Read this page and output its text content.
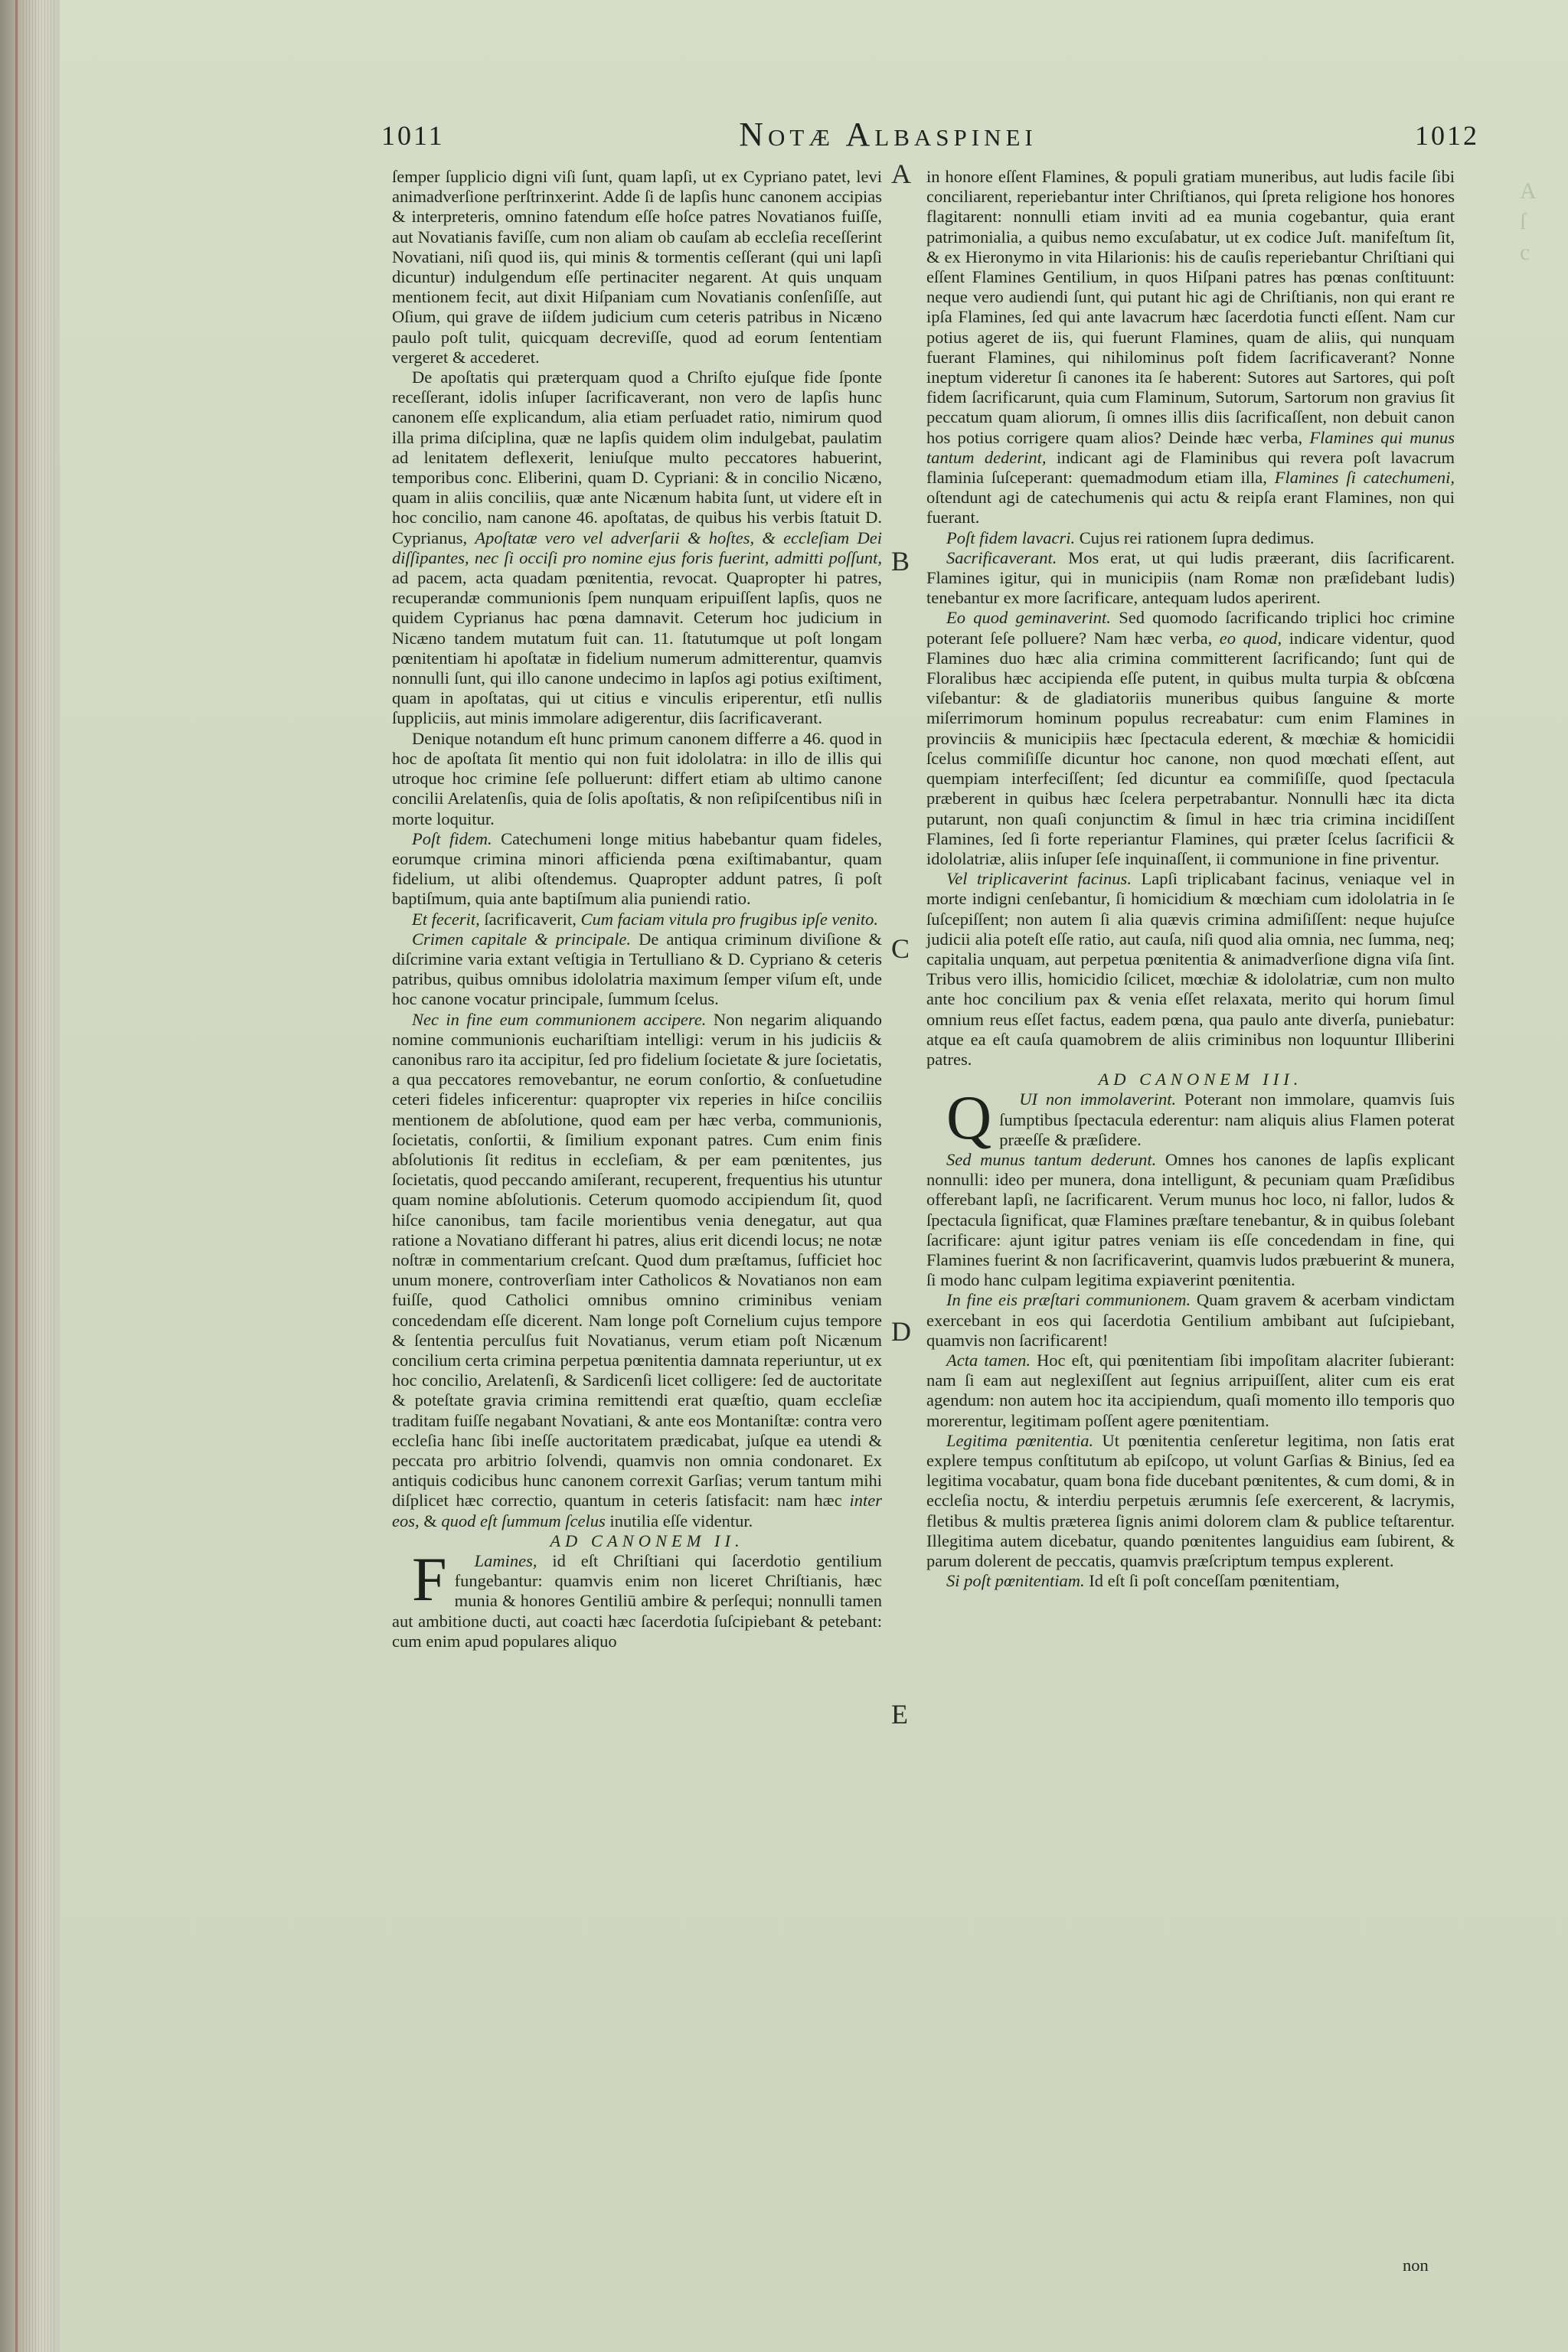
1011	Notæ Albaspinei	1012
A
ſ
c
A
B
C
D
E

ſemper ſupplicio digni viſi ſunt, quam lapſi, ut ex Cypriano patet, levi animadverſione perſtrinxerint. Adde ſi de lapſis hunc canonem accipias & interpreteris, omnino fatendum eſſe hoſce patres Novatianos fuiſſe, aut Novatianis faviſſe, cum non aliam ob cauſam ab eccleſia receſſerint Novatiani, niſi quod iis, qui minis & tormentis ceſſerant (qui uni lapſi dicuntur) indulgendum eſſe pertinaciter negarent. At quis unquam mentionem fecit, aut dixit Hiſpaniam cum Novatianis conſenſiſſe, aut Oſium, qui grave de iiſdem judicium cum ceteris patribus in Nicæno paulo poſt tulit, quicquam decreviſſe, quod ad eorum ſententiam vergeret & accederet.

De apoſtatis qui præterquam quod a Chriſto ejuſque fide ſponte receſſerant, idolis inſuper ſacrificaverant, non vero de lapſis hunc canonem eſſe explicandum, alia etiam perſuadet ratio, nimirum quod illa prima diſciplina, quæ ne lapſis quidem olim indulgebat, paulatim ad lenitatem deflexerit, leniuſque multo peccatores habuerint, temporibus conc. Eliberini, quam D. Cypriani: & in concilio Nicæno, quam in aliis conciliis, quæ ante Nicænum habita ſunt, ut videre eſt in hoc concilio, nam canone 46. apoſtatas, de quibus his verbis ſtatuit D. Cyprianus, Apoſtatæ vero vel adverſarii & hoſtes, & eccleſiam Dei diſſipantes, nec ſi occiſi pro nomine ejus foris fuerint, admitti poſſunt, ad pacem, acta quadam pœnitentia, revocat. Quapropter hi patres, recuperandæ communionis ſpem nunquam eripuiſſent lapſis, quos ne quidem Cyprianus hac pœna damnavit. Ceterum hoc judicium in Nicæno tandem mutatum fuit can. 11. ſtatutumque ut poſt longam pœnitentiam hi apoſtatæ in fidelium numerum admitterentur, quamvis nonnulli ſunt, qui illo canone undecimo in lapſos agi potius exiſtiment, quam in apoſtatas, qui ut citius e vinculis eriperentur, etſi nullis ſuppliciis, aut minis immolare adigerentur, diis ſacrificaverant.

Denique notandum eſt hunc primum canonem differre a 46. quod in hoc de apoſtata ſit mentio qui non fuit idololatra: in illo de illis qui utroque hoc crimine ſeſe polluerunt: differt etiam ab ultimo canone concilii Arelatenſis, quia de ſolis apoſtatis, & non reſipiſcentibus niſi in morte loquitur.

Poſt fidem. Catechumeni longe mitius habebantur quam fideles, eorumque crimina minori afficienda pœna exiſtimabantur, quam fidelium, ut alibi oſtendemus. Quapropter addunt patres, ſi poſt baptiſmum, quia ante baptiſmum alia puniendi ratio.

Et fecerit, ſacrificaverit, Cum faciam vitula pro frugibus ipſe venito.

Crimen capitale & principale. De antiqua criminum diviſione & diſcrimine varia extant veſtigia in Tertulliano & D. Cypriano & ceteris patribus, quibus omnibus idololatria maximum ſemper viſum eſt, unde hoc canone vocatur principale, ſummum ſcelus.

Nec in fine eum communionem accipere. Non negarim aliquando nomine communionis euchariſtiam intelligi: verum in his judiciis & canonibus raro ita accipitur, ſed pro fidelium ſocietate & jure ſocietatis, a qua peccatores removebantur, ne eorum conſortio, & conſuetudine ceteri fideles inficerentur: quapropter vix reperies in hiſce conciliis mentionem de abſolutione, quod eam per hæc verba, communionis, ſocietatis, conſortii, & ſimilium exponant patres. Cum enim finis abſolutionis ſit reditus in eccleſiam, & per eam pœnitentes, jus ſocietatis, quod peccando amiſerant, recuperent, frequentius his utuntur quam nomine abſolutionis. Ceterum quomodo accipiendum ſit, quod hiſce canonibus, tam facile morientibus venia denegatur, aut qua ratione a Novatiano differant hi patres, alius erit dicendi locus; ne notæ noſtræ in commentarium creſcant. Quod dum præſtamus, ſufficiet hoc unum monere, controverſiam inter Catholicos & Novatianos non eam fuiſſe, quod Catholici omnibus omnino criminibus veniam concedendam eſſe dicerent. Nam longe poſt Cornelium cujus tempore & ſententia perculſus fuit Novatianus, verum etiam poſt Nicænum concilium certa crimina perpetua pœnitentia damnata reperiuntur, ut ex hoc concilio, Arelatenſi, & Sardicenſi licet colligere: ſed de auctoritate & poteſtate gravia crimina remittendi erat quæſtio, quam eccleſiæ traditam fuiſſe negabant Novatiani, & ante eos Montaniſtæ: contra vero eccleſia hanc ſibi ineſſe auctoritatem prædicabat, juſque ea utendi & peccata pro arbitrio ſolvendi, quamvis non omnia condonaret. Ex antiquis codicibus hunc canonem correxit Garſias; verum tantum mihi diſplicet hæc correctio, quantum in ceteris ſatisfacit: nam hæc inter eos, & quod eſt ſummum ſcelus inutilia eſſe videntur.

AD CANONEM II.

F Lamines, id eſt Chriſtiani qui ſacerdotio gentilium fungebantur: quamvis enim non liceret Chriſtianis, hæc munia & honores Gentiliū ambire & perſequi; nonnulli tamen aut ambitione ducti, aut coacti hæc ſacerdotia ſuſcipiebant & petebant: cum enim apud populares aliquo

in honore eſſent Flamines, & populi gratiam muneribus, aut ludis facile ſibi conciliarent, reperiebantur inter Chriſtianos, qui ſpreta religione hos honores flagitarent: nonnulli etiam inviti ad ea munia cogebantur, quia erant patrimonialia, a quibus nemo excuſabatur, ut ex codice Juſt. manifeſtum ſit, & ex Hieronymo in vita Hilarionis: his de cauſis reperiebantur Chriſtiani qui eſſent Flamines Gentilium, in quos Hiſpani patres has pœnas conſtituunt: neque vero audiendi ſunt, qui putant hic agi de Chriſtianis, non qui erant re ipſa Flamines, ſed qui ante lavacrum hæc ſacerdotia functi eſſent. Nam cur potius ageret de iis, qui fuerunt Flamines, quam de aliis, qui nunquam fuerant Flamines, qui nihilominus poſt fidem ſacrificaverant? Nonne ineptum videretur ſi canones ita ſe haberent: Sutores aut Sartores, qui poſt fidem ſacrificarunt, quia cum Flaminum, Sutorum, Sartorum non gravius ſit peccatum quam aliorum, ſi omnes illis diis ſacrificaſſent, non debuit canon hos potius corrigere quam alios? Deinde hæc verba, Flamines qui munus tantum dederint, indicant agi de Flaminibus qui revera poſt lavacrum flaminia ſuſceperant: quemadmodum etiam illa, Flamines ſi catechumeni, oſtendunt agi de catechumenis qui actu & reipſa erant Flamines, non qui fuerant.

Poſt fidem lavacri. Cujus rei rationem ſupra dedimus.

Sacrificaverant. Mos erat, ut qui ludis præerant, diis ſacrificarent. Flamines igitur, qui in municipiis (nam Romæ non præſidebant ludis) tenebantur ex more ſacrificare, antequam ludos aperirent.

Eo quod geminaverint. Sed quomodo ſacrificando triplici hoc crimine poterant ſeſe polluere? Nam hæc verba, eo quod, indicare videntur, quod Flamines duo hæc alia crimina committerent ſacrificando; ſunt qui de Floralibus hæc accipienda eſſe putent, in quibus multa turpia & obſcœna viſebantur: & de gladiatoriis muneribus quibus ſanguine & morte miſerrimorum hominum populus recreabatur: cum enim Flamines in provinciis & municipiis hæc ſpectacula ederent, & mœchiæ & homicidii ſcelus commiſiſſe dicuntur hoc canone, non quod mœchati eſſent, aut quempiam interfeciſſent; ſed dicuntur ea commiſiſſe, quod ſpectacula præberent in quibus hæc ſcelera perpetrabantur. Nonnulli hæc ita dicta putarunt, non quaſi conjunctim & ſimul in hæc tria crimina incidiſſent Flamines, ſed ſi forte reperiantur Flamines, qui præter ſcelus ſacrificii & idololatriæ, aliis inſuper ſeſe inquinaſſent, ii communione in fine priventur.

Vel triplicaverint facinus. Lapſi triplicabant facinus, veniaque vel in morte indigni cenſebantur, ſi homicidium & mœchiam cum idololatria in ſe ſuſcepiſſent; non autem ſi alia quævis crimina admiſiſſent: neque hujuſce judicii alia poteſt eſſe ratio, aut cauſa, niſi quod alia omnia, nec ſumma, neq; capitalia unquam, aut perpetua pœnitentia & animadverſione digna viſa ſint. Tribus vero illis, homicidio ſcilicet, mœchiæ & idololatriæ, cum non multo ante hoc concilium pax & venia eſſet relaxata, merito qui horum ſimul omnium reus eſſet factus, eadem pœna, qua paulo ante diverſa, puniebatur: atque ea eſt cauſa quamobrem de aliis criminibus non loquuntur Illiberini patres.

AD CANONEM III.

Q UI non immolaverint. Poterant non immolare, quamvis ſuis ſumptibus ſpectacula ederentur: nam aliquis alius Flamen poterat præeſſe & præſidere.

Sed munus tantum dederunt. Omnes hos canones de lapſis explicant nonnulli: ideo per munera, dona intelligunt, & pecuniam quam Præſidibus offerebant lapſi, ne ſacrificarent. Verum munus hoc loco, ni fallor, ludos & ſpectacula ſignificat, quæ Flamines præſtare tenebantur, & in quibus ſolebant ſacrificare: ajunt igitur patres veniam iis eſſe concedendam in fine, qui Flamines fuerint & non ſacrificaverint, quamvis ludos præbuerint & munera, ſi modo hanc culpam legitima expiaverint pœnitentia.

In fine eis præſtari communionem. Quam gravem & acerbam vindictam exercebant in eos qui ſacerdotia Gentilium ambibant aut ſuſcipiebant, quamvis non ſacrificarent!

Acta tamen. Hoc eſt, qui pœnitentiam ſibi impoſitam alacriter ſubierant: nam ſi eam aut neglexiſſent aut ſegnius arripuiſſent, aliter cum eis erat agendum: non autem hoc ita accipiendum, quaſi momento illo temporis quo morerentur, legitimam poſſent agere pœnitentiam.

Legitima pœnitentia. Ut pœnitentia cenſeretur legitima, non ſatis erat explere tempus conſtitutum ab epiſcopo, ut volunt Garſias & Binius, ſed ea legitima vocabatur, quam bona fide ducebant pœnitentes, & cum domi, & in eccleſia noctu, & interdiu perpetuis ærumnis ſeſe exercerent, & lacrymis, fletibus & multis præterea ſignis animi dolorem clam & publice teſtarentur. Illegitima autem dicebatur, quando pœnitentes languidius eam ſubirent, & parum dolerent de peccatis, quamvis præſcriptum tempus explerent.

Si poſt pœnitentiam. Id eſt ſi poſt conceſſam pœnitentiam,

non
